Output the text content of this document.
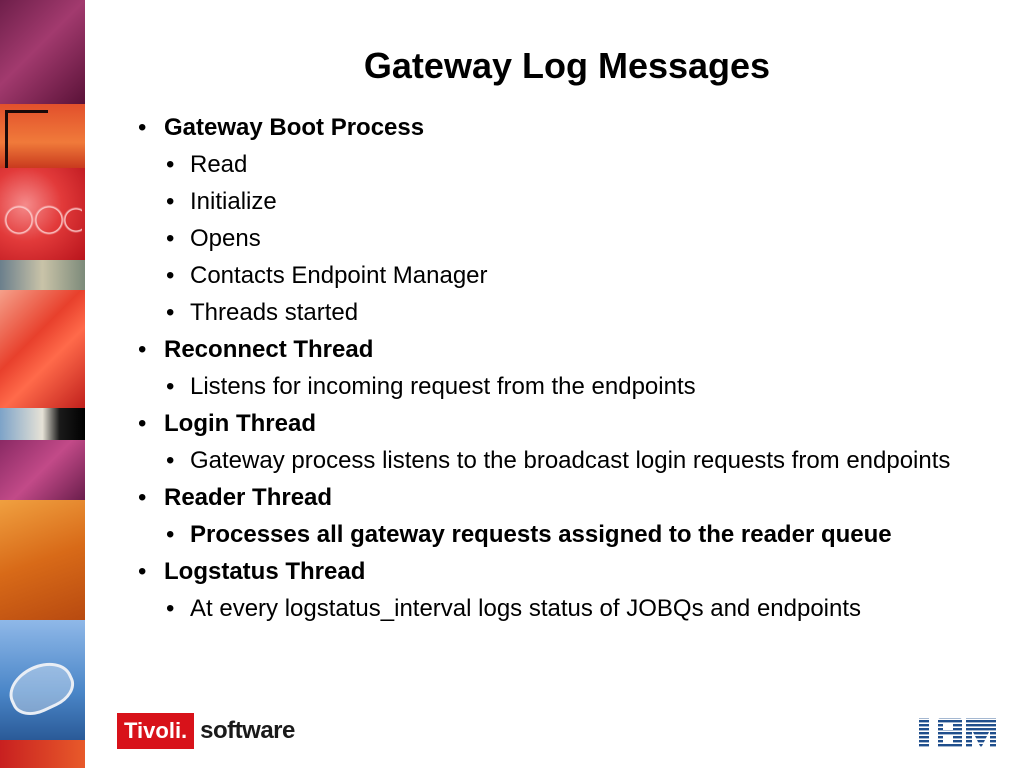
Gateway Log Messages
• Gateway Boot Process
• Read
• Initialize
• Opens
• Contacts Endpoint Manager
• Threads started
• Reconnect Thread
• Listens for incoming request from the endpoints
• Login Thread
• Gateway process listens to the broadcast login requests from endpoints
• Reader Thread
• Processes all gateway requests assigned to the reader queue
• Logstatus Thread
• At every logstatus_interval logs status of JOBQs and endpoints
Tivoli. software
